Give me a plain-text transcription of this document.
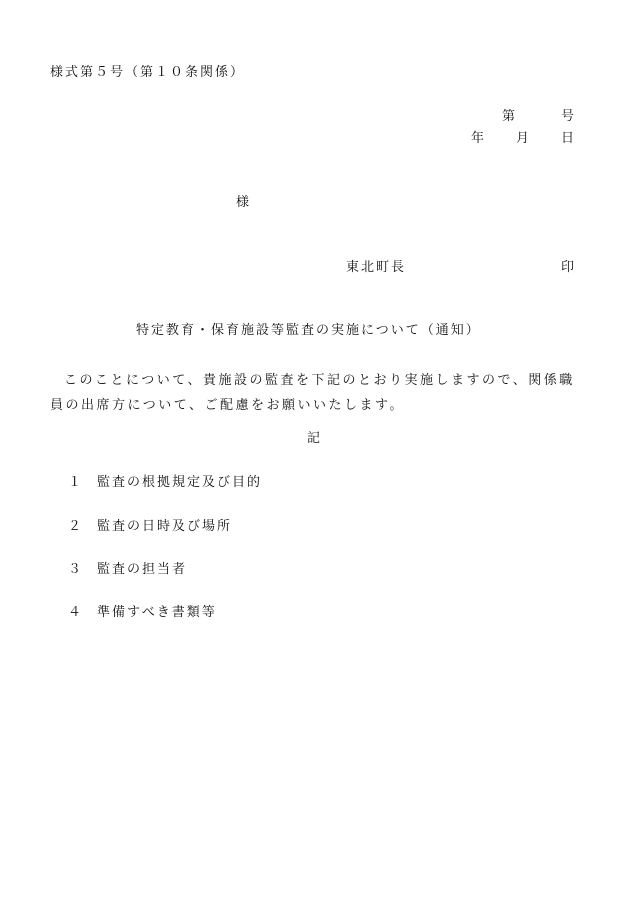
様式第５号（第１０条関係）
第	号
年 月 日
様
東北町長	印
特定教育・保育施設等監査の実施について（通知）
このことについて、貴施設の監査を下記のとおり実施しますので、関係職員の出席方について、ご配慮をお願いいたします。
記
１	監査の根拠規定及び目的
２	監査の日時及び場所
３	監査の担当者
４	準備すべき書類等
